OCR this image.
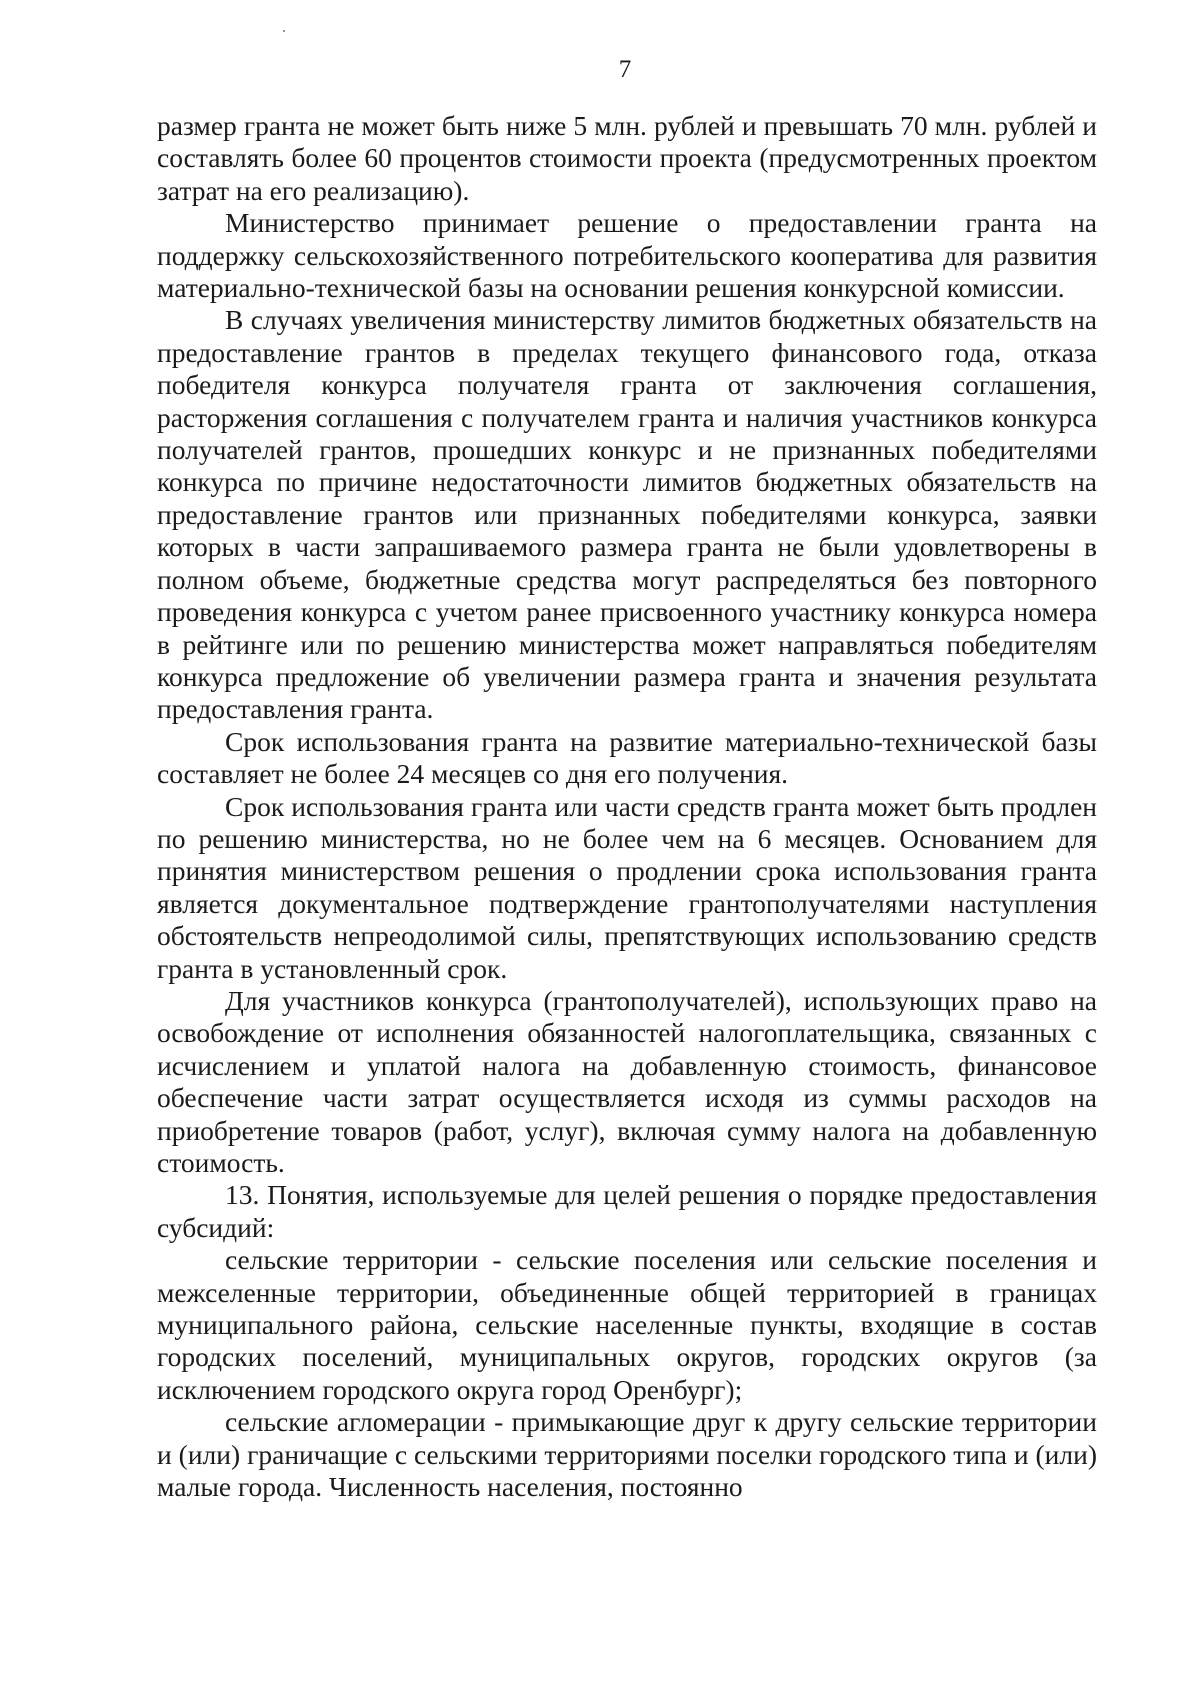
7

размер гранта не может быть ниже 5 млн. рублей и превышать 70 млн. рублей и составлять более 60 процентов стоимости проекта (предусмотренных проектом затрат на его реализацию).

Министерство принимает решение о предоставлении гранта на поддержку сельскохозяйственного потребительского кооператива для развития материально-технической базы на основании решения конкурсной комиссии.

В случаях увеличения министерству лимитов бюджетных обязательств на предоставление грантов в пределах текущего финансового года, отказа победителя конкурса получателя гранта от заключения соглашения, расторжения соглашения с получателем гранта и наличия участников конкурса получателей грантов, прошедших конкурс и не признанных победителями конкурса по причине недостаточности лимитов бюджетных обязательств на предоставление грантов или признанных победителями конкурса, заявки которых в части запрашиваемого размера гранта не были удовлетворены в полном объеме, бюджетные средства могут распределяться без повторного проведения конкурса с учетом ранее присвоенного участнику конкурса номера в рейтинге или по решению министерства может направляться победителям конкурса предложение об увеличении размера гранта и значения результата предоставления гранта.

Срок использования гранта на развитие материально-технической базы составляет не более 24 месяцев со дня его получения.

Срок использования гранта или части средств гранта может быть продлен по решению министерства, но не более чем на 6 месяцев. Основанием для принятия министерством решения о продлении срока использования гранта является документальное подтверждение грантополучателями наступления обстоятельств непреодолимой силы, препятствующих использованию средств гранта в установленный срок.

Для участников конкурса (грантополучателей), использующих право на освобождение от исполнения обязанностей налогоплательщика, связанных с исчислением и уплатой налога на добавленную стоимость, финансовое обеспечение части затрат осуществляется исходя из суммы расходов на приобретение товаров (работ, услуг), включая сумму налога на добавленную стоимость.

13. Понятия, используемые для целей решения о порядке предоставления субсидий:

сельские территории - сельские поселения или сельские поселения и межселенные территории, объединенные общей территорией в границах муниципального района, сельские населенные пункты, входящие в состав городских поселений, муниципальных округов, городских округов (за исключением городского округа город Оренбург);

сельские агломерации - примыкающие друг к другу сельские территории и (или) граничащие с сельскими территориями поселки городского типа и (или) малые города. Численность населения, постоянно
